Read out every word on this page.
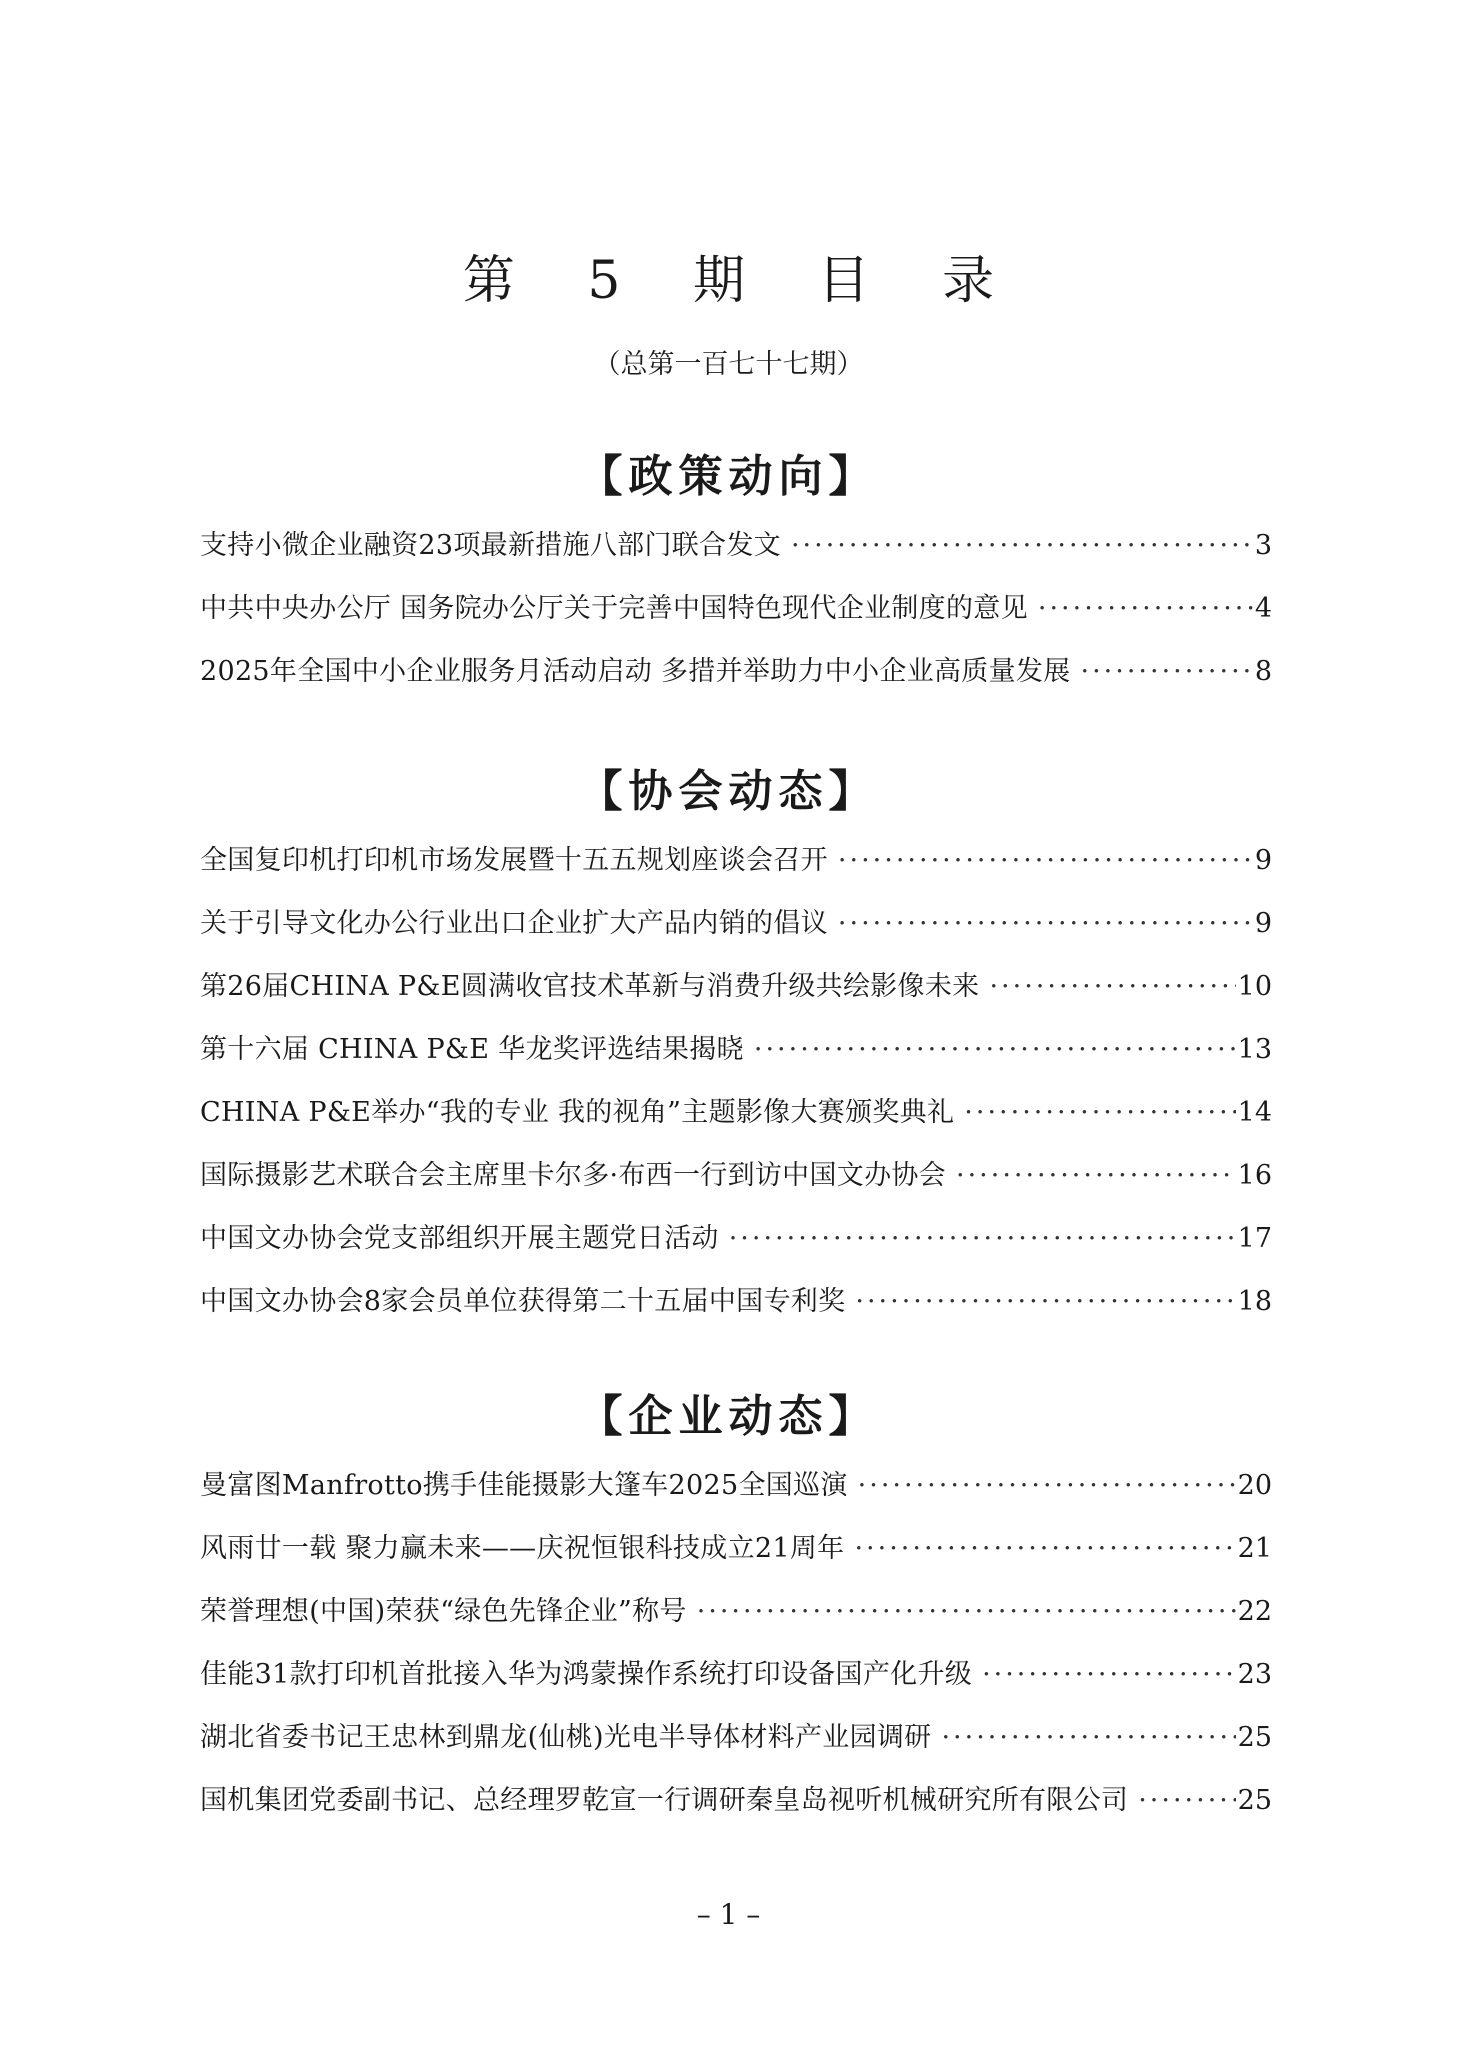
第 5 期 目 录
（总第一百七十七期）
【政策动向】
支持小微企业融资23项最新措施八部门联合发文 ·····	3
中共中央办公厅 国务院办公厅关于完善中国特色现代企业制度的意见 ·····	4
2025年全国中小企业服务月活动启动 多措并举助力中小企业高质量发展 ·····	8
【协会动态】
全国复印机打印机市场发展暨十五五规划座谈会召开 ·····	9
关于引导文化办公行业出口企业扩大产品内销的倡议 ·····	9
第26届CHINA P&E圆满收官技术革新与消费升级共绘影像未来 ·····	10
第十六届 CHINA P&E 华龙奖评选结果揭晓 ·····	13
CHINA P&E举办“我的专业 我的视角”主题影像大赛颁奖典礼 ·····	14
国际摄影艺术联合会主席里卡尔多·布西一行到访中国文办协会 ·····	16
中国文办协会党支部组织开展主题党日活动 ·····	17
中国文办协会8家会员单位获得第二十五届中国专利奖 ·····	18
【企业动态】
曼富图Manfrotto携手佳能摄影大篷车2025全国巡演 ·····	20
风雨廿一载 聚力赢未来——庆祝恒银科技成立21周年 ·····	21
荣誉理想(中国)荣获“绿色先锋企业”称号 ·····	22
佳能31款打印机首批接入华为鸿蒙操作系统打印设备国产化升级 ·····	23
湖北省委书记王忠林到鼎龙(仙桃)光电半导体材料产业园调研 ·····	25
国机集团党委副书记、总经理罗乾宣一行调研秦皇岛视听机械研究所有限公司 ·····	25
– 1 –
